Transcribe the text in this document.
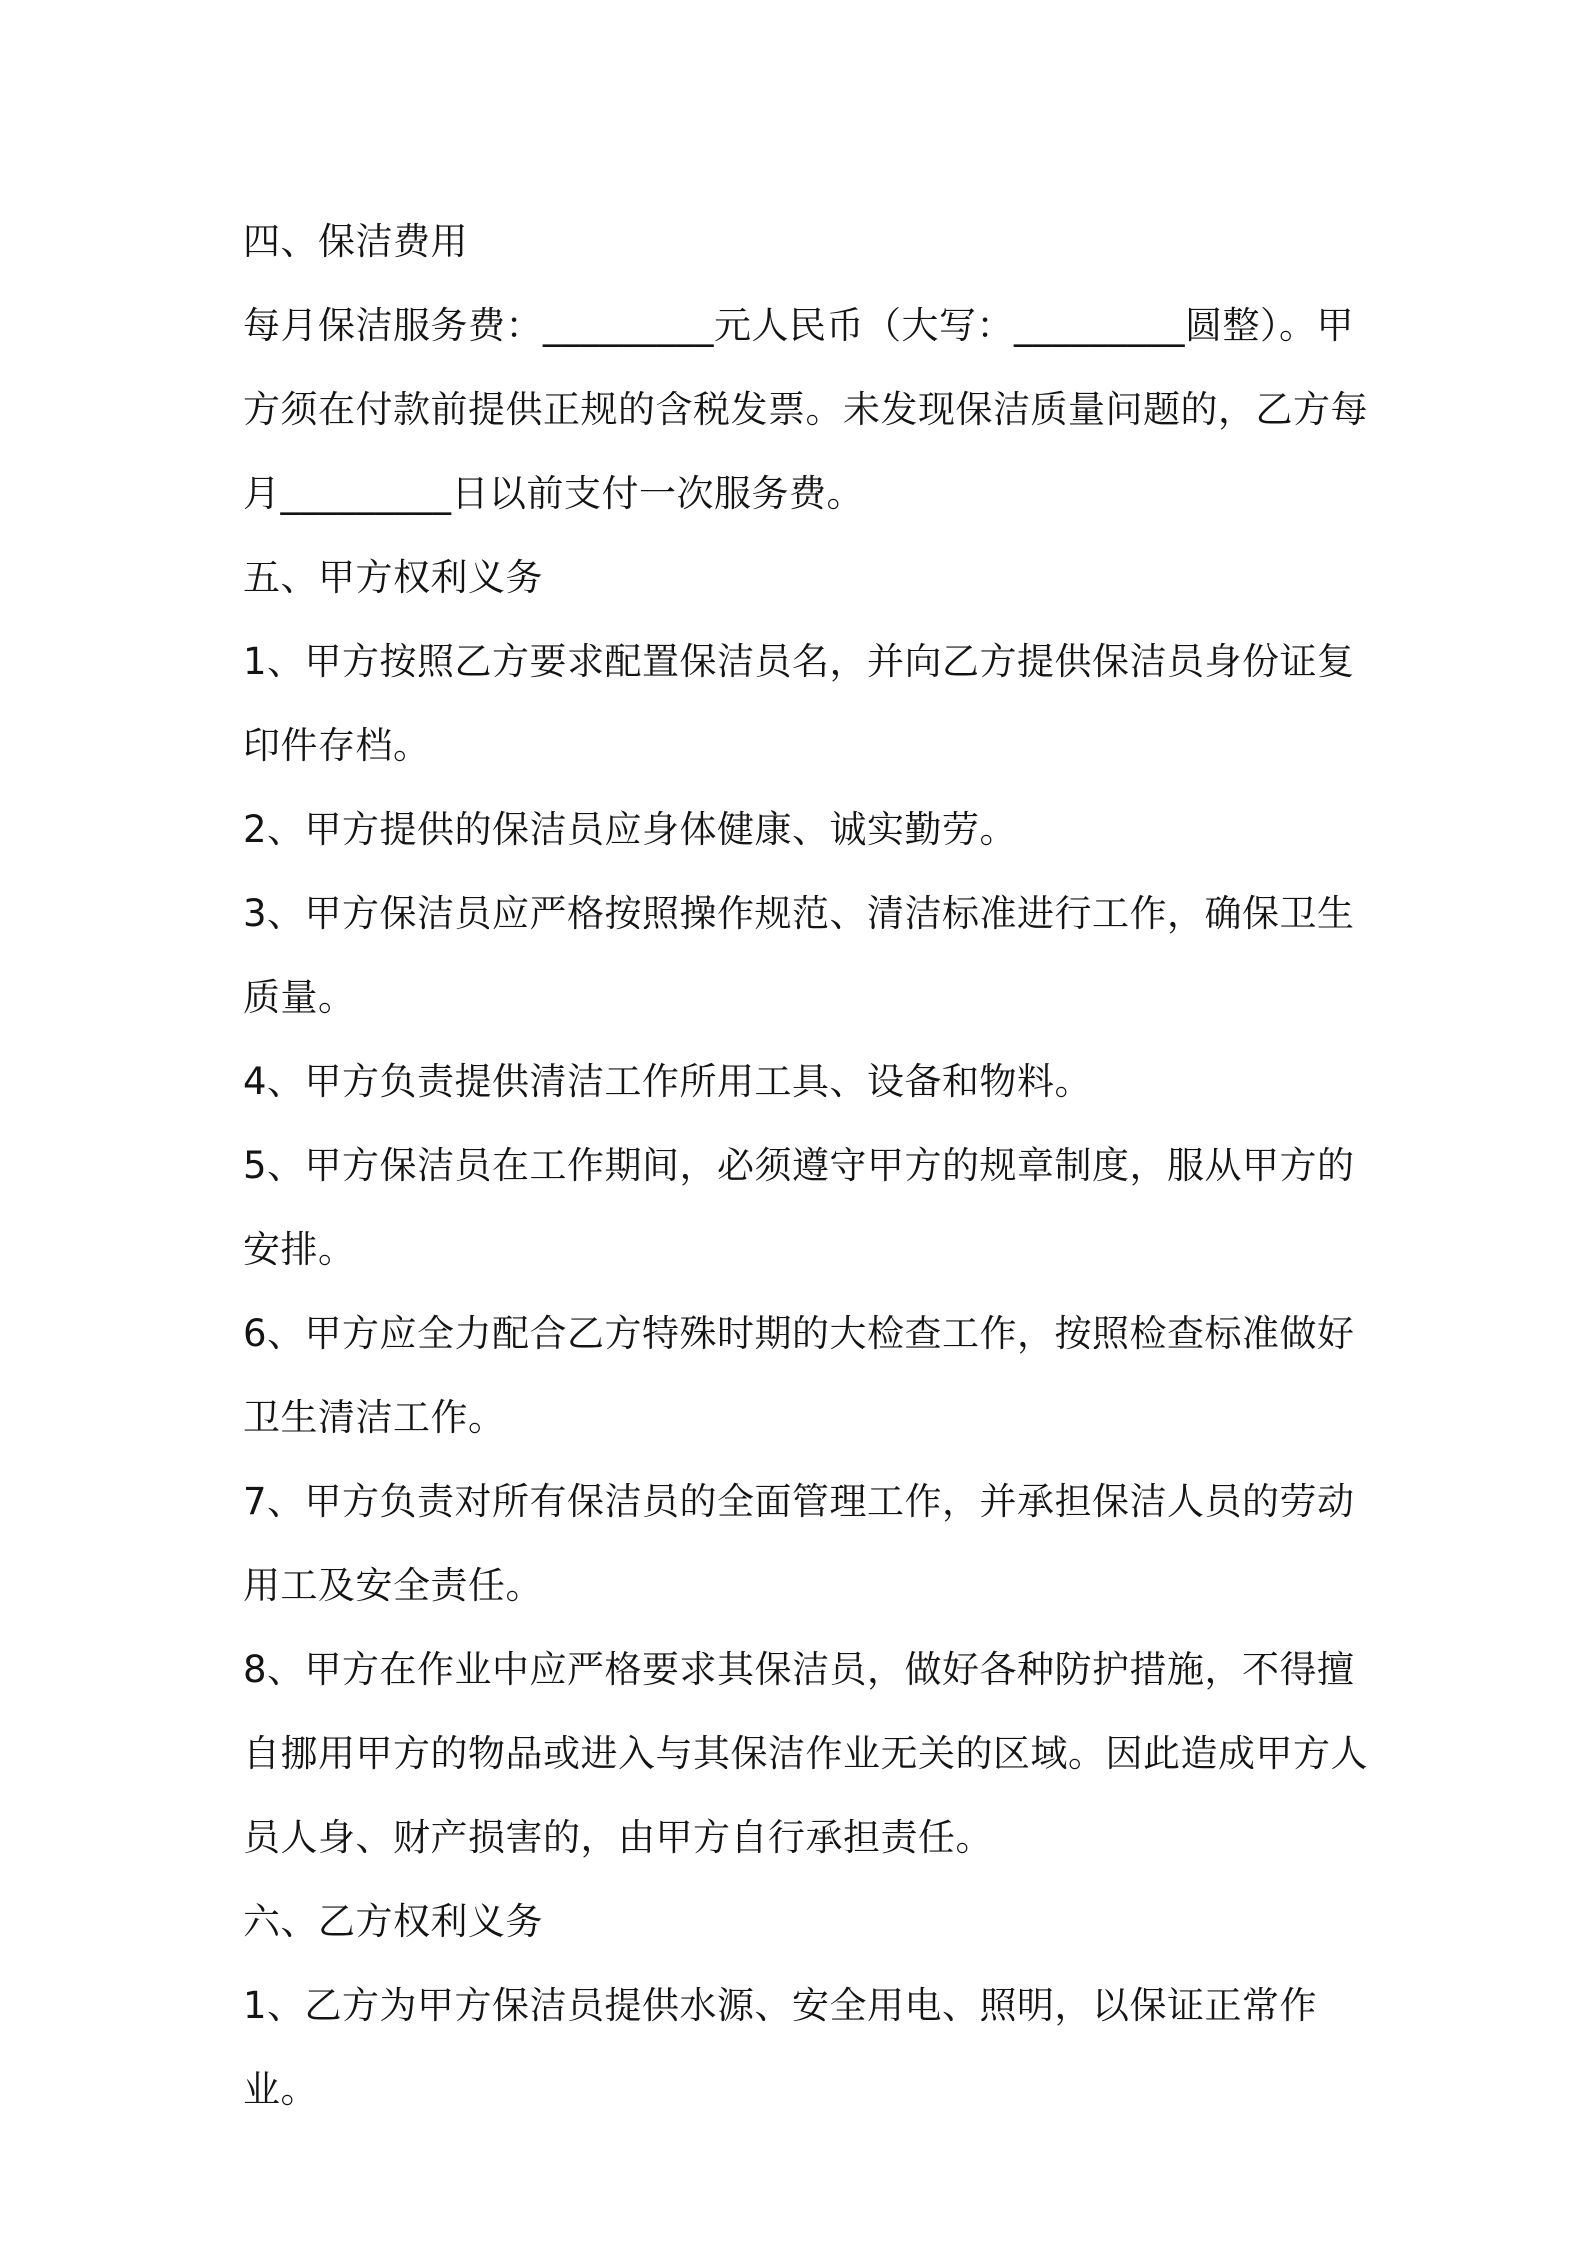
四、保洁费用

每月保洁服务费：_________元人民币（大写：_________圆整）。甲方须在付款前提供正规的含税发票。未发现保洁质量问题的，乙方每月_________日以前支付一次服务费。

五、甲方权利义务

1、甲方按照乙方要求配置保洁员名，并向乙方提供保洁员身份证复印件存档。

2、甲方提供的保洁员应身体健康、诚实勤劳。

3、甲方保洁员应严格按照操作规范、清洁标准进行工作，确保卫生质量。

4、甲方负责提供清洁工作所用工具、设备和物料。

5、甲方保洁员在工作期间，必须遵守甲方的规章制度，服从甲方的安排。

6、甲方应全力配合乙方特殊时期的大检查工作，按照检查标准做好卫生清洁工作。

7、甲方负责对所有保洁员的全面管理工作，并承担保洁人员的劳动用工及安全责任。

8、甲方在作业中应严格要求其保洁员，做好各种防护措施，不得擅自挪用甲方的物品或进入与其保洁作业无关的区域。因此造成甲方人员人身、财产损害的，由甲方自行承担责任。

六、乙方权利义务

1、乙方为甲方保洁员提供水源、安全用电、照明，以保证正常作业。
